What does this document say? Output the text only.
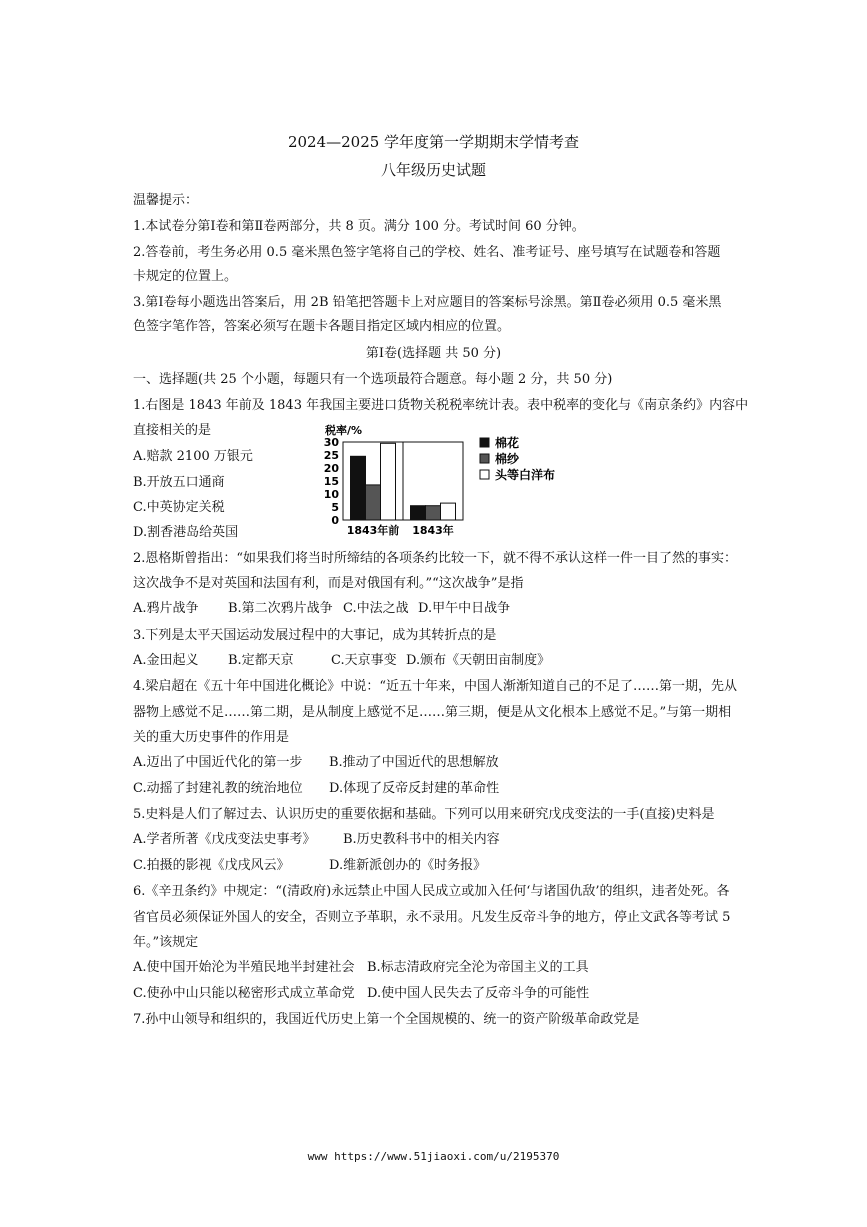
2024—2025 学年度第一学期期末学情考查
八年级历史试题
温馨提示：
1.本试卷分第Ⅰ卷和第Ⅱ卷两部分，共 8 页。满分 100 分。考试时间 60 分钟。
2.答卷前，考生务必用 0.5 毫米黑色签字笔将自己的学校、姓名、准考证号、座号填写在试题卷和答题
卡规定的位置上。
3.第Ⅰ卷每小题选出答案后，用 2B 铅笔把答题卡上对应题目的答案标号涂黑。第Ⅱ卷必须用 0.5 毫米黑
色签字笔作答，答案必须写在题卡各题目指定区域内相应的位置。
第Ⅰ卷(选择题 共 50 分)
一、选择题(共 25 个小题，每题只有一个选项最符合题意。每小题 2 分，共 50 分)
1.右图是 1843 年前及 1843 年我国主要进口货物关税税率统计表。表中税率的变化与《南京条约》内容中
直接相关的是
A.赔款 2100 万银元
B.开放五口通商
C.中英协定关税
D.割香港岛给英国
税率/%
30
25
20
15
10
5
0
1843年前 1843年
棉花
棉纱
头等白洋布
2.恩格斯曾指出：“如果我们将当时所缔结的各项条约比较一下，就不得不承认这样一件一目了然的事实：
这次战争不是对英国和法国有利，而是对俄国有利。”“这次战争”是指
A.鸦片战争 B.第二次鸦片战争 C.中法之战 D.甲午中日战争
3.下列是太平天国运动发展过程中的大事记，成为其转折点的是
A.金田起义 B.定都天京	C.天京事变 D.颁布《天朝田亩制度》
4.梁启超在《五十年中国进化概论》中说：“近五十年来，中国人渐渐知道自己的不足了……第一期，先从
器物上感觉不足……第二期，是从制度上感觉不足……第三期，便是从文化根本上感觉不足。”与第一期相
关的重大历史事件的作用是
A.迈出了中国近代化的第一步 B.推动了中国近代的思想解放
C.动摇了封建礼教的统治地位 D.体现了反帝反封建的革命性
5.史料是人们了解过去、认识历史的重要依据和基础。下列可以用来研究戊戌变法的一手(直接)史料是
A.学者所著《戊戌变法史事考》 B.历史教科书中的相关内容
C.拍摄的影视《戊戌风云》	D.维新派创办的《时务报》
6.《辛丑条约》中规定：“(清政府)永远禁止中国人民成立或加入任何‘与诸国仇敌’的组织，违者处死。各
省官员必须保证外国人的安全，否则立予革职，永不录用。凡发生反帝斗争的地方，停止文武各等考试 5
年。”该规定
A.使中国开始沦为半殖民地半封建社会 B.标志清政府完全沦为帝国主义的工具
C.使孙中山只能以秘密形式成立革命党 D.使中国人民失去了反帝斗争的可能性
7.孙中山领导和组织的，我国近代历史上第一个全国规模的、统一的资产阶级革命政党是
www https://www.51jiaoxi.com/u/2195370
